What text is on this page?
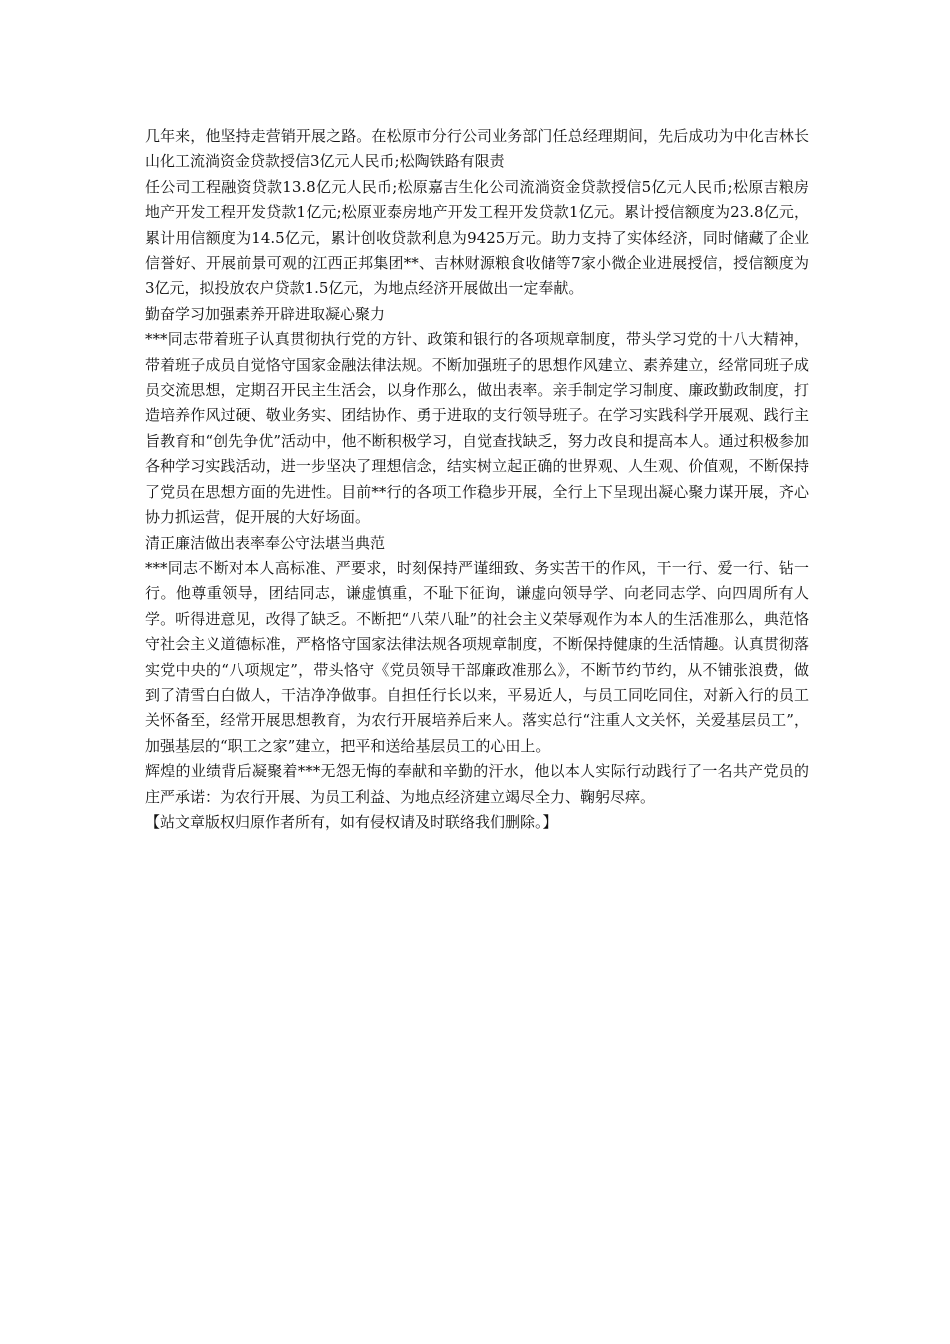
几年来，他坚持走营销开展之路。在松原市分行公司业务部门任总经理期间，先后成功为中化吉林长山化工流淌资金贷款授信3亿元人民币;松陶铁路有限责

任公司工程融资贷款13.8亿元人民币;松原嘉吉生化公司流淌资金贷款授信5亿元人民币;松原吉粮房地产开发工程开发贷款1亿元;松原亚泰房地产开发工程开发贷款1亿元。累计授信额度为23.8亿元，累计用信额度为14.5亿元，累计创收贷款利息为9425万元。助力支持了实体经济，同时储藏了企业信誉好、开展前景可观的江西正邦集团**、吉林财源粮食收储等7家小微企业进展授信，授信额度为3亿元，拟投放农户贷款1.5亿元，为地点经济开展做出一定奉献。

勤奋学习加强素养开辟进取凝心聚力

***同志带着班子认真贯彻执行党的方针、政策和银行的各项规章制度，带头学习党的十八大精神，带着班子成员自觉恪守国家金融法律法规。不断加强班子的思想作风建立、素养建立，经常同班子成员交流思想，定期召开民主生活会，以身作那么，做出表率。亲手制定学习制度、廉政勤政制度，打造培养作风过硬、敬业务实、团结协作、勇于进取的支行领导班子。在学习实践科学开展观、践行主旨教育和“创先争优”活动中，他不断积极学习，自觉查找缺乏，努力改良和提高本人。通过积极参加各种学习实践活动，进一步坚决了理想信念，结实树立起正确的世界观、人生观、价值观，不断保持了党员在思想方面的先进性。目前**行的各项工作稳步开展，全行上下呈现出凝心聚力谋开展，齐心协力抓运营，促开展的大好场面。

清正廉洁做出表率奉公守法堪当典范

***同志不断对本人高标准、严要求，时刻保持严谨细致、务实苦干的作风，干一行、爱一行、钻一行。他尊重领导，团结同志，谦虚慎重，不耻下征询，谦虚向领导学、向老同志学、向四周所有人学。听得进意见，改得了缺乏。不断把“八荣八耻”的社会主义荣辱观作为本人的生活准那么，典范恪守社会主义道德标准，严格恪守国家法律法规各项规章制度，不断保持健康的生活情趣。认真贯彻落实党中央的“八项规定”，带头恪守《党员领导干部廉政准那么》，不断节约节约，从不铺张浪费，做到了清雪白白做人，干洁净净做事。自担任行长以来，平易近人，与员工同吃同住，对新入行的员工关怀备至，经常开展思想教育，为农行开展培养后来人。落实总行“注重人文关怀，关爱基层员工”，加强基层的“职工之家”建立，把平和送给基层员工的心田上。

辉煌的业绩背后凝聚着***无怨无悔的奉献和辛勤的汗水，他以本人实际行动践行了一名共产党员的庄严承诺：为农行开展、为员工利益、为地点经济建立竭尽全力、鞠躬尽瘁。

【站文章版权归原作者所有，如有侵权请及时联络我们删除。】
